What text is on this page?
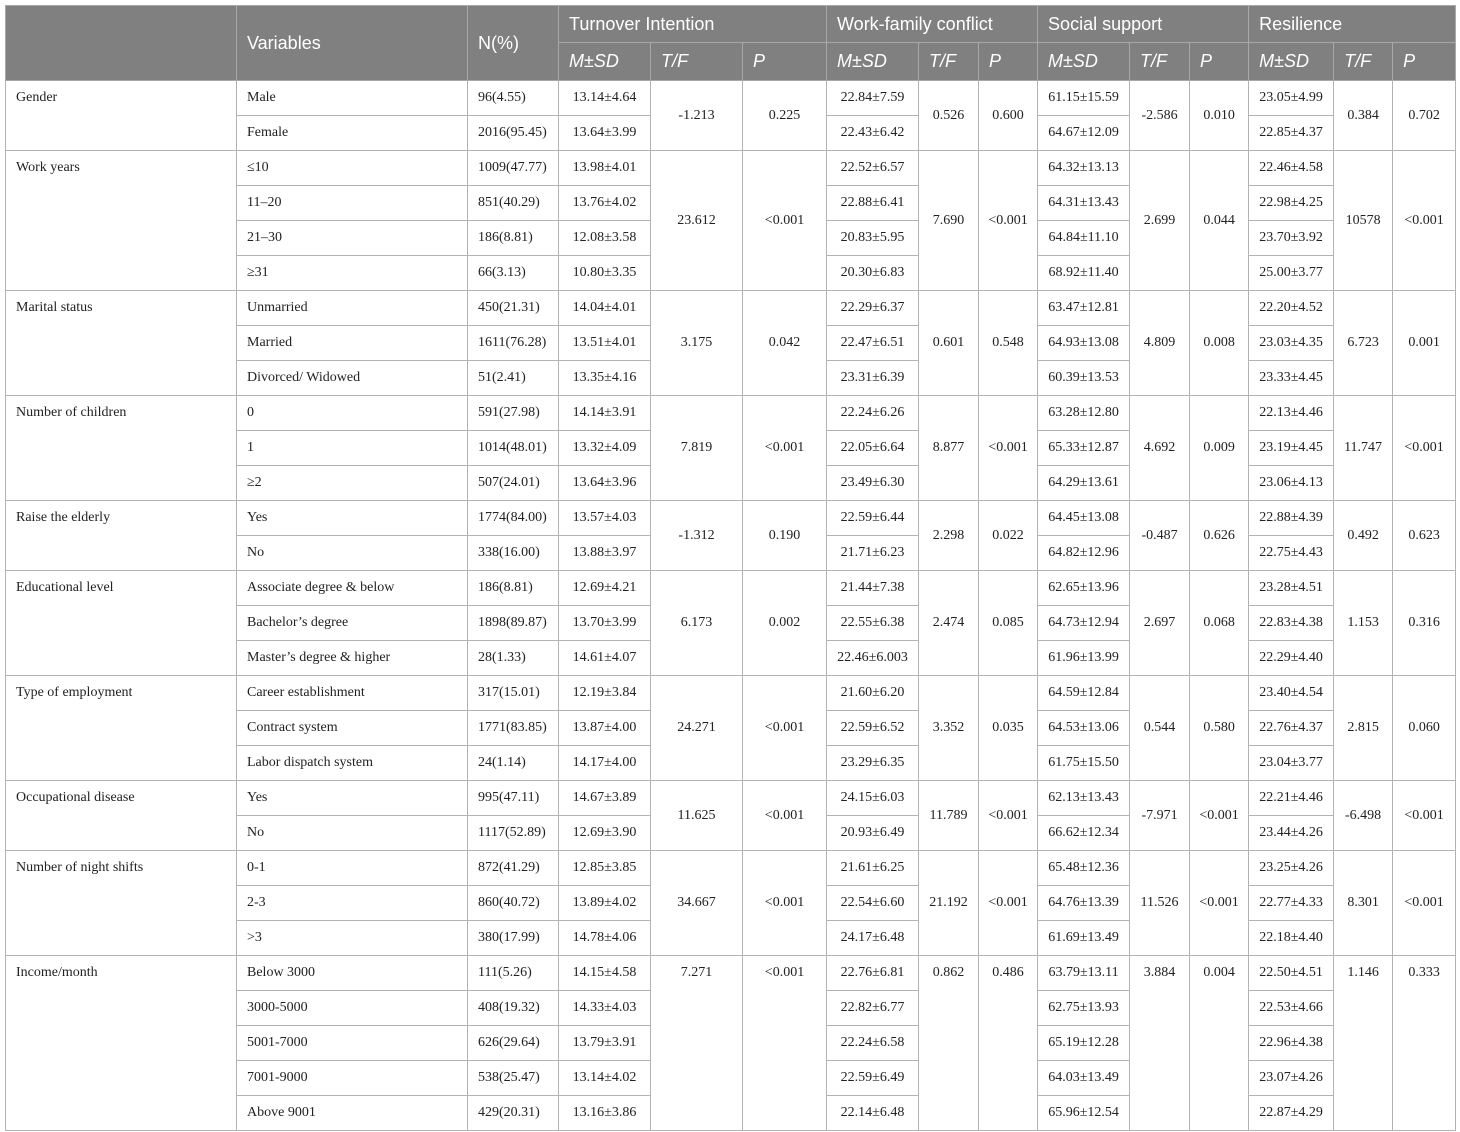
	Variables	N(%)	Turnover Intention			Work-family conflict			Social support			Resilience		
			M±SD	T/F	P	M±SD	T/F	P	M±SD	T/F	P	M±SD	T/F	P
Gender	Male	96(4.55)	13.14±4.64	-1.213	0.225	22.84±7.59	0.526	0.600	61.15±15.59	-2.586	0.010	23.05±4.99	0.384	0.702
	Female	2016(95.45)	13.64±3.99			22.43±6.42			64.67±12.09			22.85±4.37		
Work years	≤10	1009(47.77)	13.98±4.01	23.612	<0.001	22.52±6.57	7.690	<0.001	64.32±13.13	2.699	0.044	22.46±4.58	10578	<0.001
	11–20	851(40.29)	13.76±4.02			22.88±6.41			64.31±13.43			22.98±4.25		
	21–30	186(8.81)	12.08±3.58			20.83±5.95			64.84±11.10			23.70±3.92		
	≥31	66(3.13)	10.80±3.35			20.30±6.83			68.92±11.40			25.00±3.77		
Marital status	Unmarried	450(21.31)	14.04±4.01	3.175	0.042	22.29±6.37	0.601	0.548	63.47±12.81	4.809	0.008	22.20±4.52	6.723	0.001
	Married	1611(76.28)	13.51±4.01			22.47±6.51			64.93±13.08			23.03±4.35		
	Divorced/ Widowed	51(2.41)	13.35±4.16			23.31±6.39			60.39±13.53			23.33±4.45		
Number of children	0	591(27.98)	14.14±3.91	7.819	<0.001	22.24±6.26	8.877	<0.001	63.28±12.80	4.692	0.009	22.13±4.46	11.747	<0.001
	1	1014(48.01)	13.32±4.09			22.05±6.64			65.33±12.87			23.19±4.45		
	≥2	507(24.01)	13.64±3.96			23.49±6.30			64.29±13.61			23.06±4.13		
Raise the elderly	Yes	1774(84.00)	13.57±4.03	-1.312	0.190	22.59±6.44	2.298	0.022	64.45±13.08	-0.487	0.626	22.88±4.39	0.492	0.623
	No	338(16.00)	13.88±3.97			21.71±6.23			64.82±12.96			22.75±4.43		
Educational level	Associate degree & below	186(8.81)	12.69±4.21	6.173	0.002	21.44±7.38	2.474	0.085	62.65±13.96	2.697	0.068	23.28±4.51	1.153	0.316
	Bachelor’s degree	1898(89.87)	13.70±3.99			22.55±6.38			64.73±12.94			22.83±4.38		
	Master’s degree & higher	28(1.33)	14.61±4.07			22.46±6.003			61.96±13.99			22.29±4.40		
Type of employment	Career establishment	317(15.01)	12.19±3.84	24.271	<0.001	21.60±6.20	3.352	0.035	64.59±12.84	0.544	0.580	23.40±4.54	2.815	0.060
	Contract system	1771(83.85)	13.87±4.00			22.59±6.52			64.53±13.06			22.76±4.37		
	Labor dispatch system	24(1.14)	14.17±4.00			23.29±6.35			61.75±15.50			23.04±3.77		
Occupational disease	Yes	995(47.11)	14.67±3.89	11.625	<0.001	24.15±6.03	11.789	<0.001	62.13±13.43	-7.971	<0.001	22.21±4.46	-6.498	<0.001
	No	1117(52.89)	12.69±3.90			20.93±6.49			66.62±12.34			23.44±4.26		
Number of night shifts	0-1	872(41.29)	12.85±3.85	34.667	<0.001	21.61±6.25	21.192	<0.001	65.48±12.36	11.526	<0.001	23.25±4.26	8.301	<0.001
	2-3	860(40.72)	13.89±4.02			22.54±6.60			64.76±13.39			22.77±4.33		
	>3	380(17.99)	14.78±4.06			24.17±6.48			61.69±13.49			22.18±4.40		
Income/month	Below 3000	111(5.26)	14.15±4.58	7.271	<0.001	22.76±6.81	0.862	0.486	63.79±13.11	3.884	0.004	22.50±4.51	1.146	0.333
	3000-5000	408(19.32)	14.33±4.03			22.82±6.77			62.75±13.93			22.53±4.66		
	5001-7000	626(29.64)	13.79±3.91			22.24±6.58			65.19±12.28			22.96±4.38		
	7001-9000	538(25.47)	13.14±4.02			22.59±6.49			64.03±13.49			23.07±4.26		
	Above 9001	429(20.31)	13.16±3.86			22.14±6.48			65.96±12.54			22.87±4.29		
